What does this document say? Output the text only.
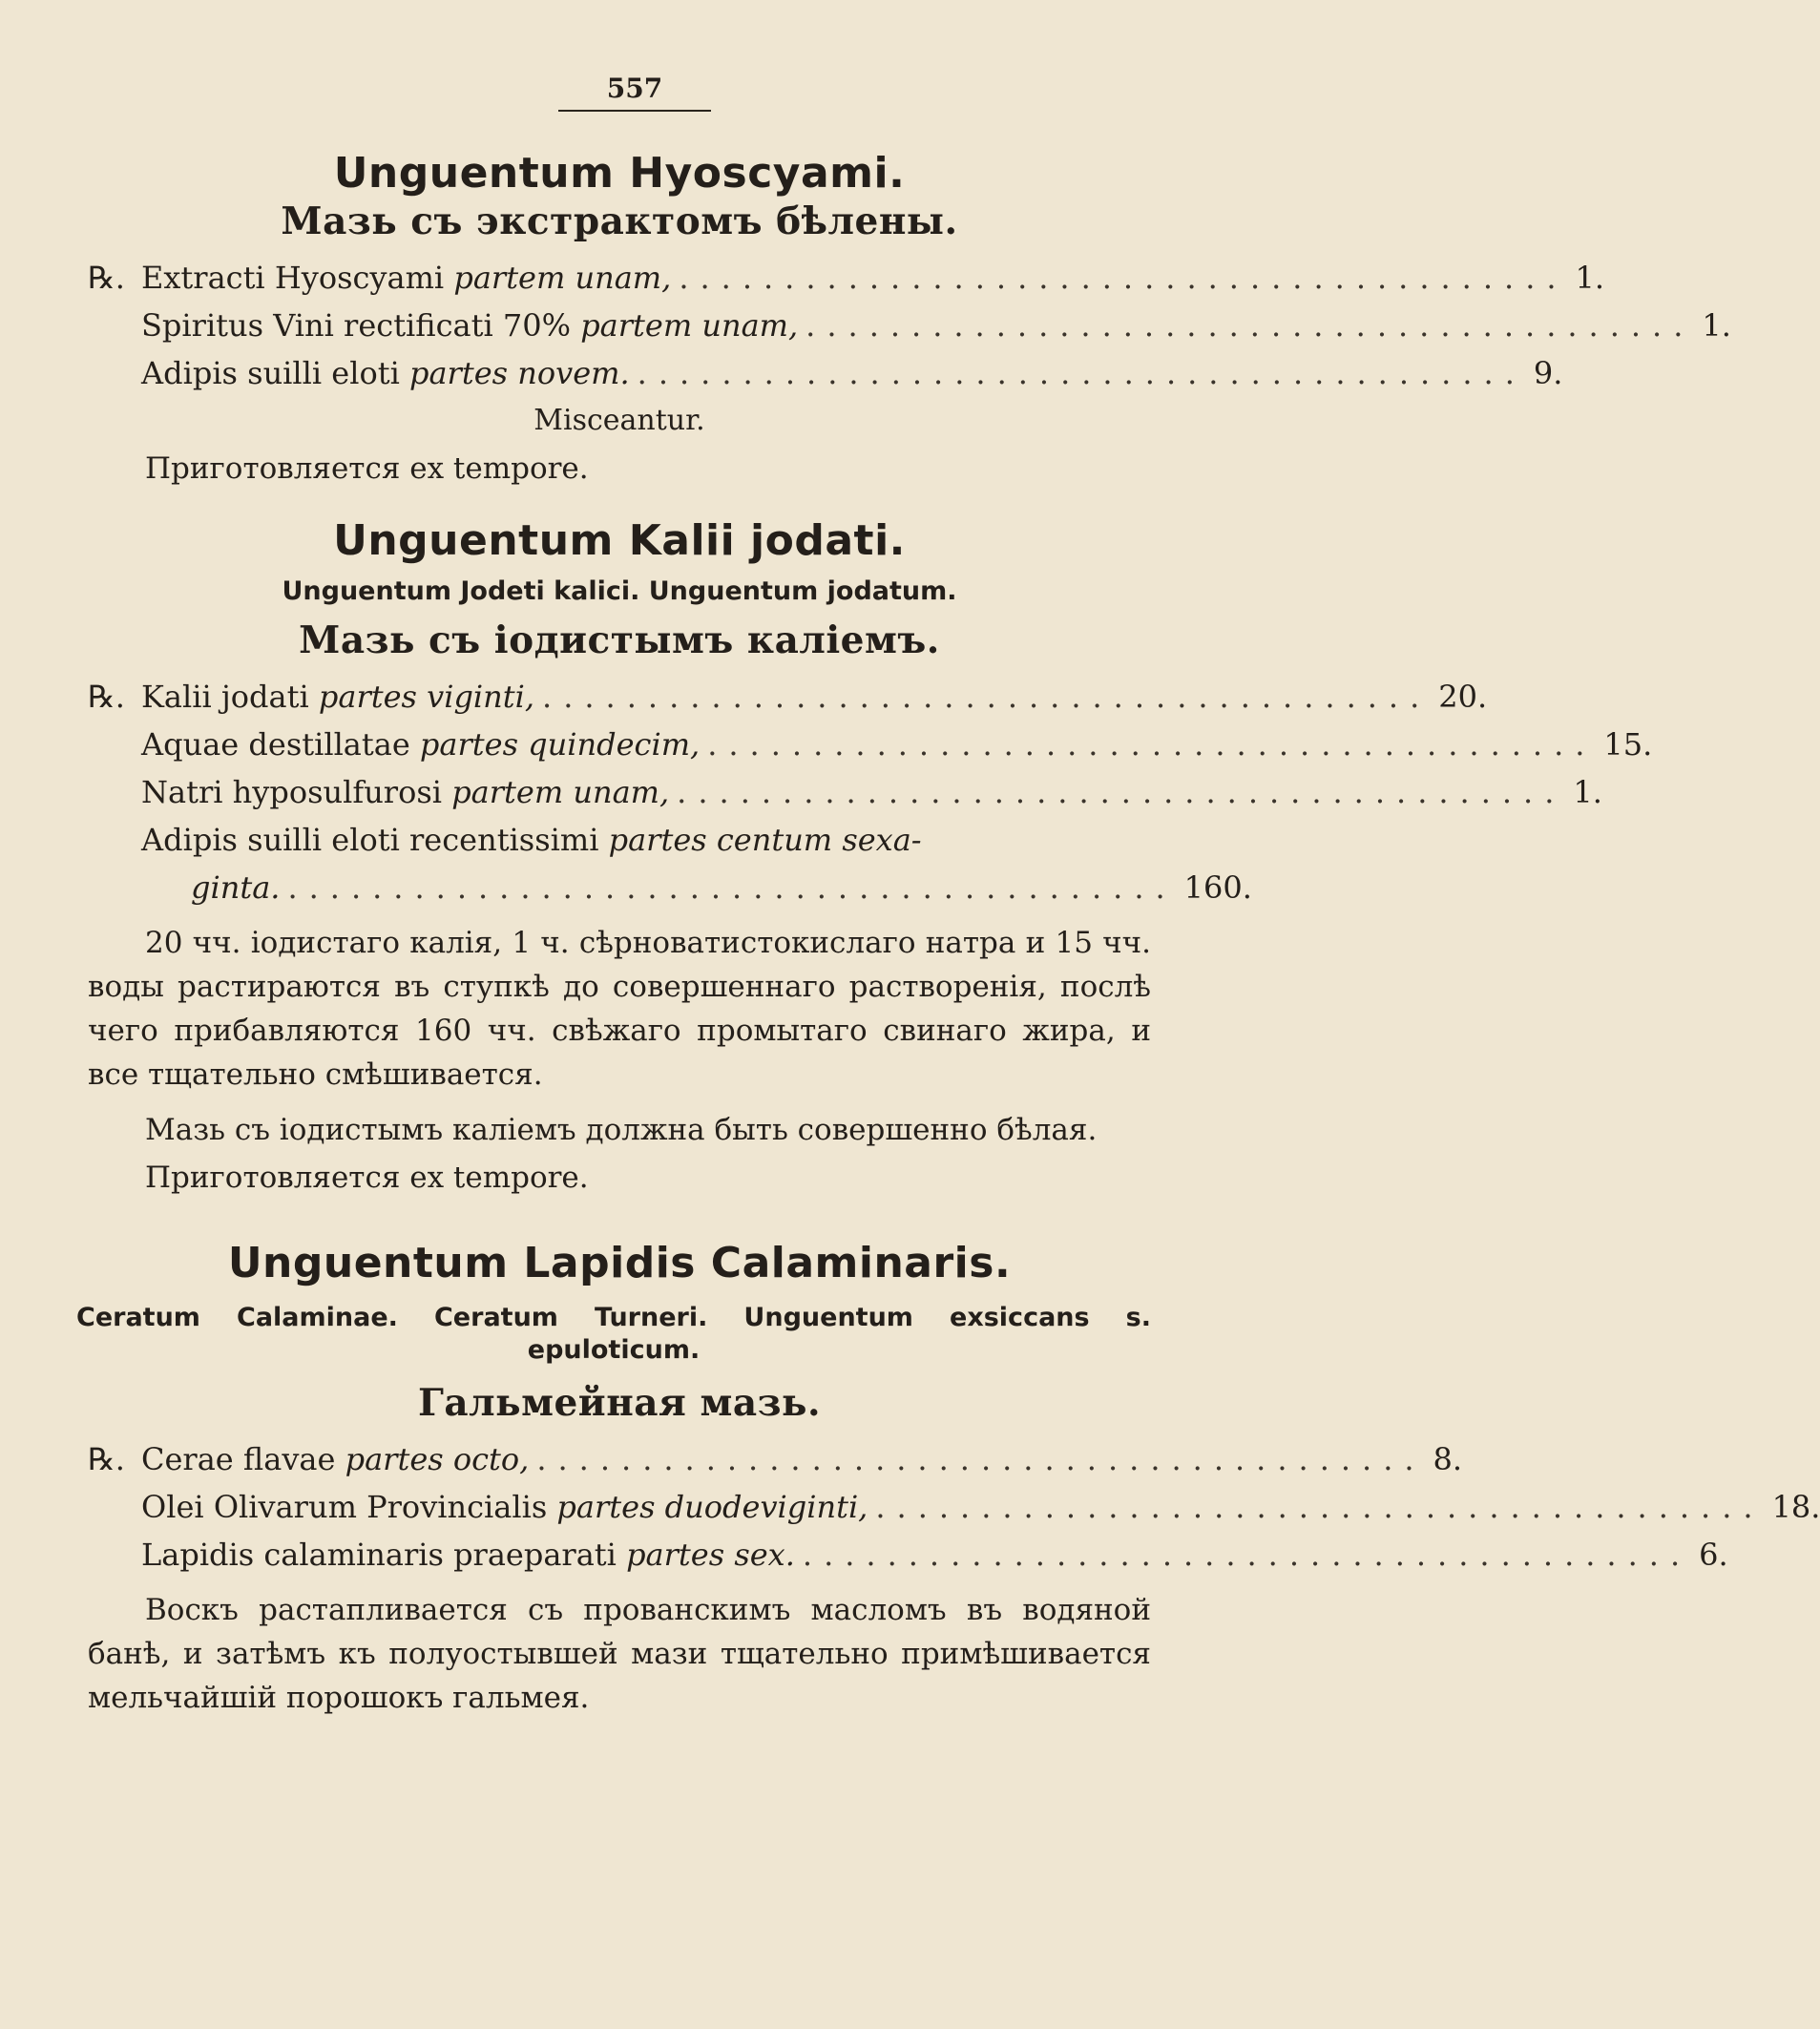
557
Unguentum Hyoscyami.
Мазь съ экстрактомъ бѣлены.
℞. Extracti Hyoscyami partem unam, .......................................... 1.
Spiritus Vini rectificati 70% partem unam, .......................................... 1.
Adipis suilli eloti partes novem. .......................................... 9.

Misceantur.

Приготовляется ex tempore.

Unguentum Kalii jodati.

Unguentum Jodeti kalici. Unguentum jodatum.

Мазь съ іодистымъ каліемъ.
℞. Kalii jodati partes viginti, .......................................... 20.
Aquae destillatae partes quindecim, .......................................... 15.
Natri hyposulfurosi partem unam, .......................................... 1.
Adipis suilli eloti recentissimi partes centum sexa-
ginta. .......................................... 160.

20 чч. іодистаго калія, 1 ч. сѣрноватистокислаго натра и 15 чч. воды растираются въ ступкѣ до совершеннаго растворенія, послѣ чего прибавляются 160 чч. свѣжаго промытаго свинаго жира, и все тщательно смѣшивается.

Мазь съ іодистымъ каліемъ должна быть совершенно бѣлая.

Приготовляется ex tempore.

Unguentum Lapidis Calaminaris.

Ceratum Calaminae. Ceratum Turneri. Unguentum exsiccans s. epuloticum.

Гальмейная мазь.
℞. Cerae flavae partes octo, .......................................... 8.
Olei Olivarum Provincialis partes duodeviginti, .......................................... 18.
Lapidis calaminaris praeparati partes sex. .......................................... 6.

Воскъ растапливается съ прованскимъ масломъ въ водяной банѣ, и затѣмъ къ полуостывшей мази тщательно примѣшивается мельчайшій порошокъ гальмея.
